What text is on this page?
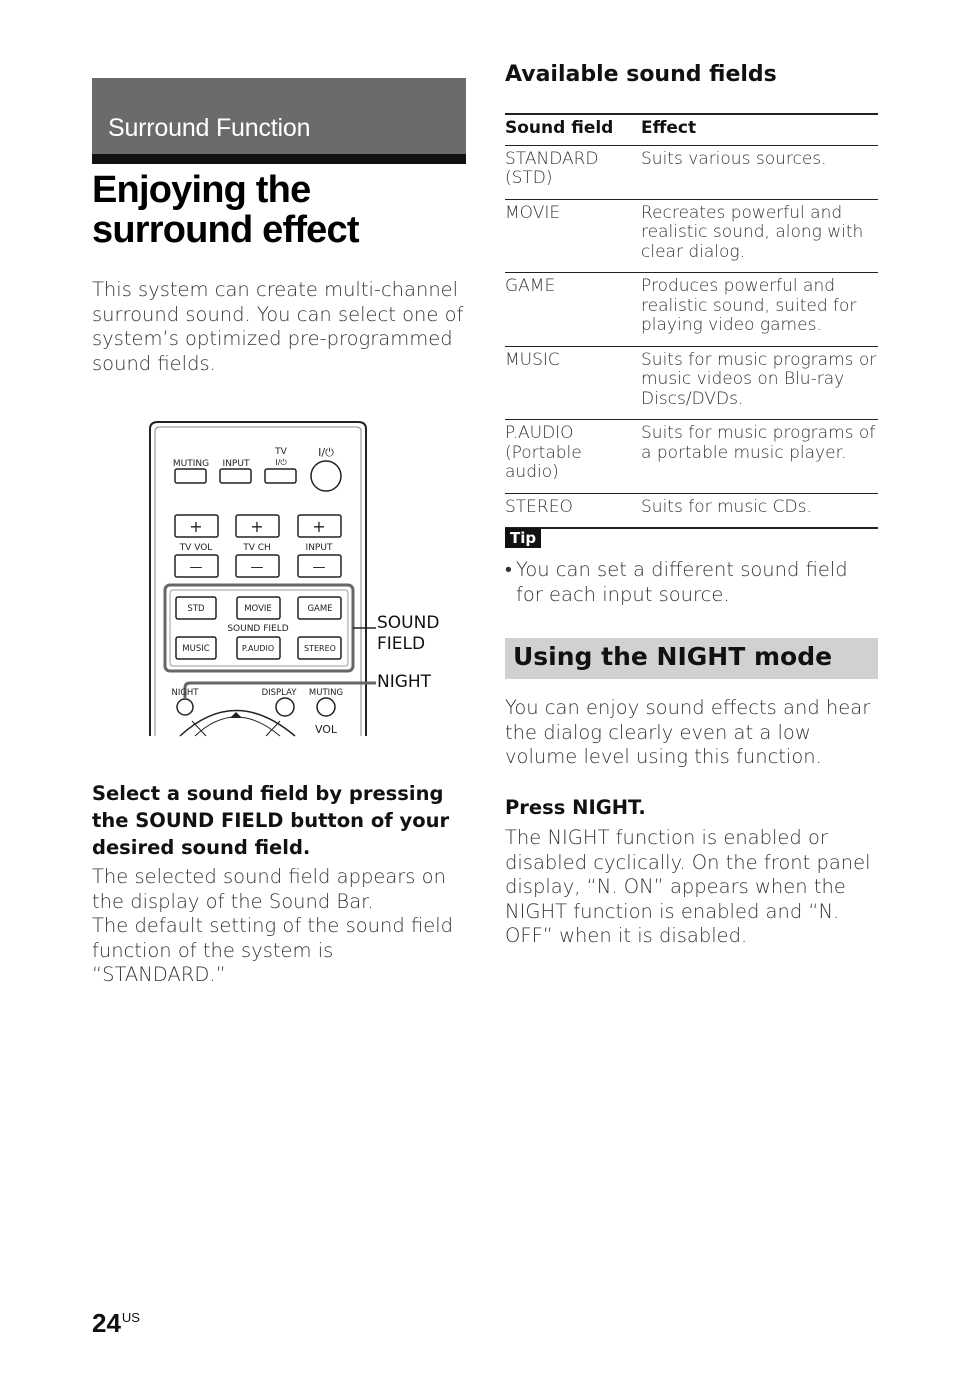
Surround Function
Enjoying the surround effect

This system can create multi-channel surround sound. You can select one of system’s optimized pre-programmed sound fields.

MUTING INPUT
TV
I/⏻
I/⏻
+	+	+
TV VOL	TV CH	INPUT
—	—	—
STD	MOVIE	GAME
SOUND FIELD
MUSIC	P.AUDIO	STEREO
NIGHT	DISPLAY MUTING
VOL
SOUND
FIELD
NIGHT
Select a sound field by pressing the SOUND FIELD button of your desired sound field.
The selected sound field appears on the display of the Sound Bar.
The default setting of the sound field function of the system is “STANDARD.”
Available sound fields
Sound field	Effect
STANDARD (STD)	Suits various sources.
MOVIE	Recreates powerful and realistic sound, along with clear dialog.
GAME	Produces powerful and realistic sound, suited for playing video games.
MUSIC	Suits for music programs or music videos on Blu-ray Discs/DVDs.
P.AUDIO (Portable audio)	Suits for music programs of a portable music player.
STEREO	Suits for music CDs.
Tip
• You can set a different sound field for each input source.
Using the NIGHT mode

You can enjoy sound effects and hear the dialog clearly even at a low volume level using this function.

Press NIGHT.

The NIGHT function is enabled or disabled cyclically. On the front panel display, “N. ON” appears when the NIGHT function is enabled and “N. OFF” when it is disabled.

$24^{US}$
